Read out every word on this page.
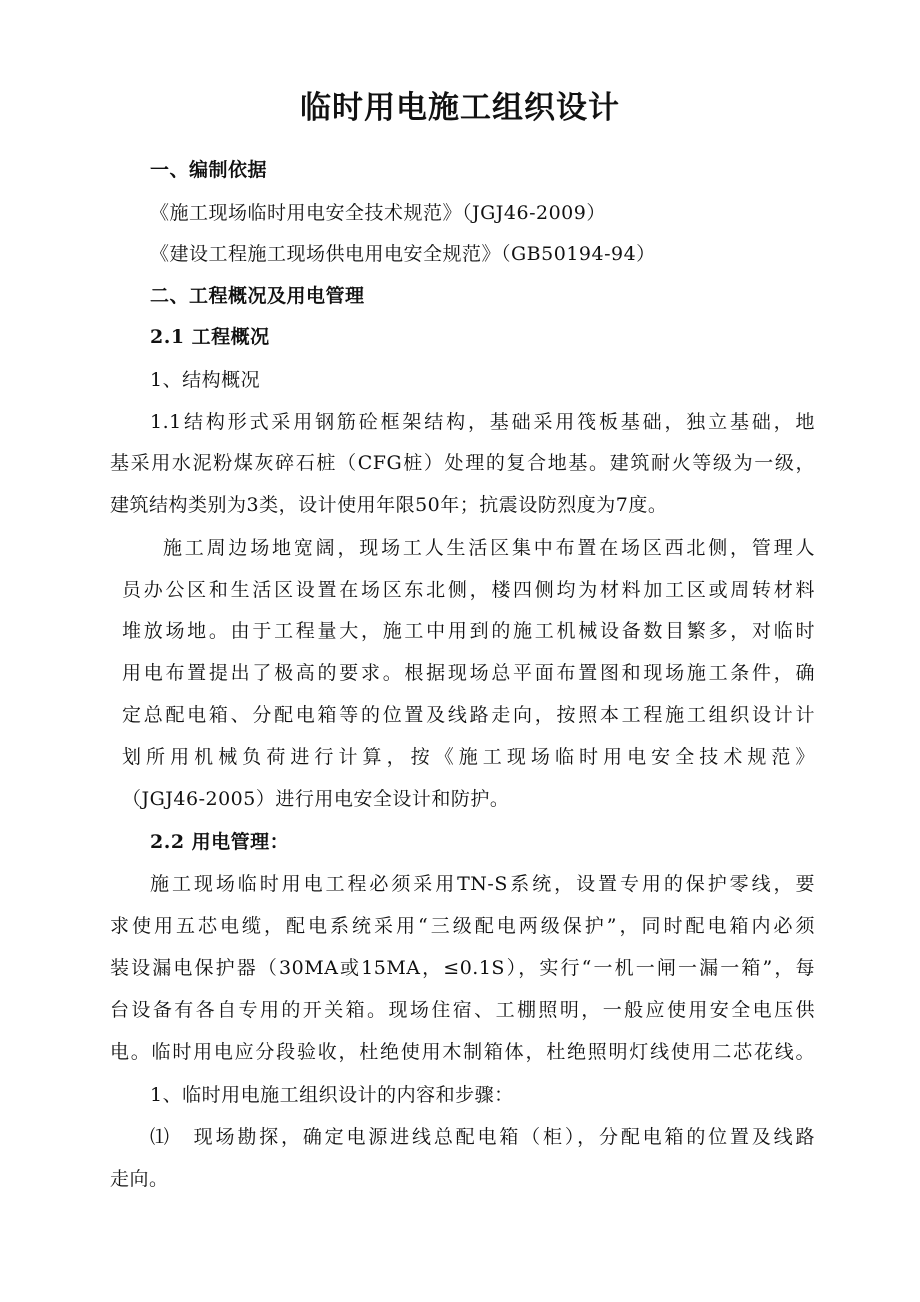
临时用电施工组织设计
一、编制依据
《施工现场临时用电安全技术规范》（JGJ46-2009）
《建设工程施工现场供电用电安全规范》（GB50194-94）
二、工程概况及用电管理
2.1 工程概况
1、结构概况
1.1结构形式采用钢筋砼框架结构，基础采用筏板基础，独立基础，地
基采用水泥粉煤灰碎石桩（CFG桩）处理的复合地基。建筑耐火等级为一级，
建筑结构类别为3类，设计使用年限50年；抗震设防烈度为7度。
施工周边场地宽阔，现场工人生活区集中布置在场区西北侧，管理人
员办公区和生活区设置在场区东北侧，楼四侧均为材料加工区或周转材料
堆放场地。由于工程量大，施工中用到的施工机械设备数目繁多，对临时
用电布置提出了极高的要求。根据现场总平面布置图和现场施工条件，确
定总配电箱、分配电箱等的位置及线路走向，按照本工程施工组织设计计
划所用机械负荷进行计算，按《施工现场临时用电安全技术规范》
（JGJ46-2005）进行用电安全设计和防护。
2.2 用电管理：
施工现场临时用电工程必须采用TN-S系统，设置专用的保护零线，要
求使用五芯电缆，配电系统采用“三级配电两级保护”，同时配电箱内必须
装设漏电保护器（30MA或15MA，≤0.1S），实行“一机一闸一漏一箱”，每
台设备有各自专用的开关箱。现场住宿、工棚照明，一般应使用安全电压供
电。临时用电应分段验收，杜绝使用木制箱体，杜绝照明灯线使用二芯花线。
1、临时用电施工组织设计的内容和步骤：
⑴　现场勘探，确定电源进线总配电箱（柜），分配电箱的位置及线路
走向。
